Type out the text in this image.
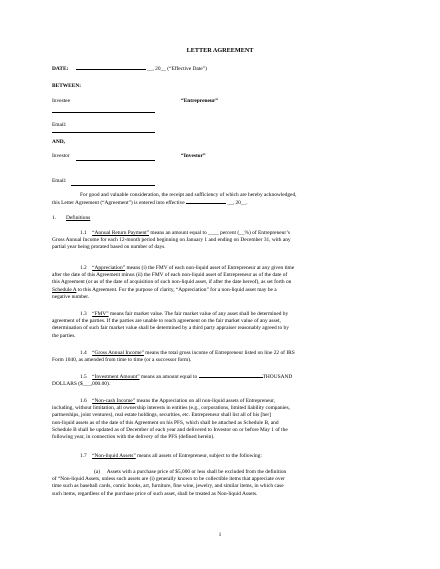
LETTER AGREEMENT
DATE:	__, 20__ (“Effective Date”)
BETWEEN:
Investee	“Entrepreneur”
Email:
AND,
Investor	“Investor”
Email:
For good and valuable consideration, the receipt and sufficiency of which are hereby acknowledged,
this Letter Agreement (“Agreement”) is entered into effective	__, 20__.
1. Definitions
1.1 “Annual Return Payment” means an amount equal to ____ percent (__%) of Entrepreneur’s
Gross Annual Income for each 12-month period beginning on January 1 and ending on December 31, with any
partial year being prorated based on number of days.
1.2 “Appreciation” means (i) the FMV of each non-liquid asset of Entrepreneur at any given time
after the date of this Agreement minus (ii) the FMV of each non-liquid asset of Entrepreneur as of the date of
this Agreement (or as of the date of acquisition of such non-liquid asset, if after the date hereof), as set forth on
Schedule A to this Agreement. For the purpose of clarity, “Appreciation” for a non-liquid asset may be a
negative number.
1.3 “FMV” means fair market value. The fair market value of any asset shall be determined by
agreement of the parties. If the parties are unable to reach agreement on the fair market value of any asset,
determination of such fair market value shall be determined by a third party appraiser reasonably agreed to by
the parties.
1.4 “Gross Annual Income” means the total gross income of Entrepreneur listed on line 22 of IRS
Form 1040, as amended from time to time (or a successor form).
1.5 “Investment Amount” means an amount equal to	THOUSAND
DOLLARS ($___,000.00).
1.6 “Non-cash Income” means the Appreciation on all non-liquid assets of Entrepreneur,
including, without limitation, all ownership interests in entities (e.g., corporations, limited liability companies,
partnerships, joint ventures), real estate holdings, securities, etc. Entrepreneur shall list all of his [her]
non-liquid assets as of the date of this Agreement on his PFS, which shall be attached as Schedule B, and
Schedule B shall be updated as of December of each year and delivered to Investor on or before May 1 of the
following year, in connection with the delivery of the PFS (defined herein).
1.7 “Non-liquid Assets” means all assets of Entrepreneur, subject to the following:
(a) Assets with a purchase price of $5,000 or less shall be excluded from the definition
of “Non-liquid Assets, unless such assets are (i) generally known to be collectible items that appreciate over
time such as baseball cards, comic books, art, furniture, fine wine, jewelry, and similar items, in which case
such items, regardless of the purchase price of such asset, shall be treated as Non-liquid Assets.
1
